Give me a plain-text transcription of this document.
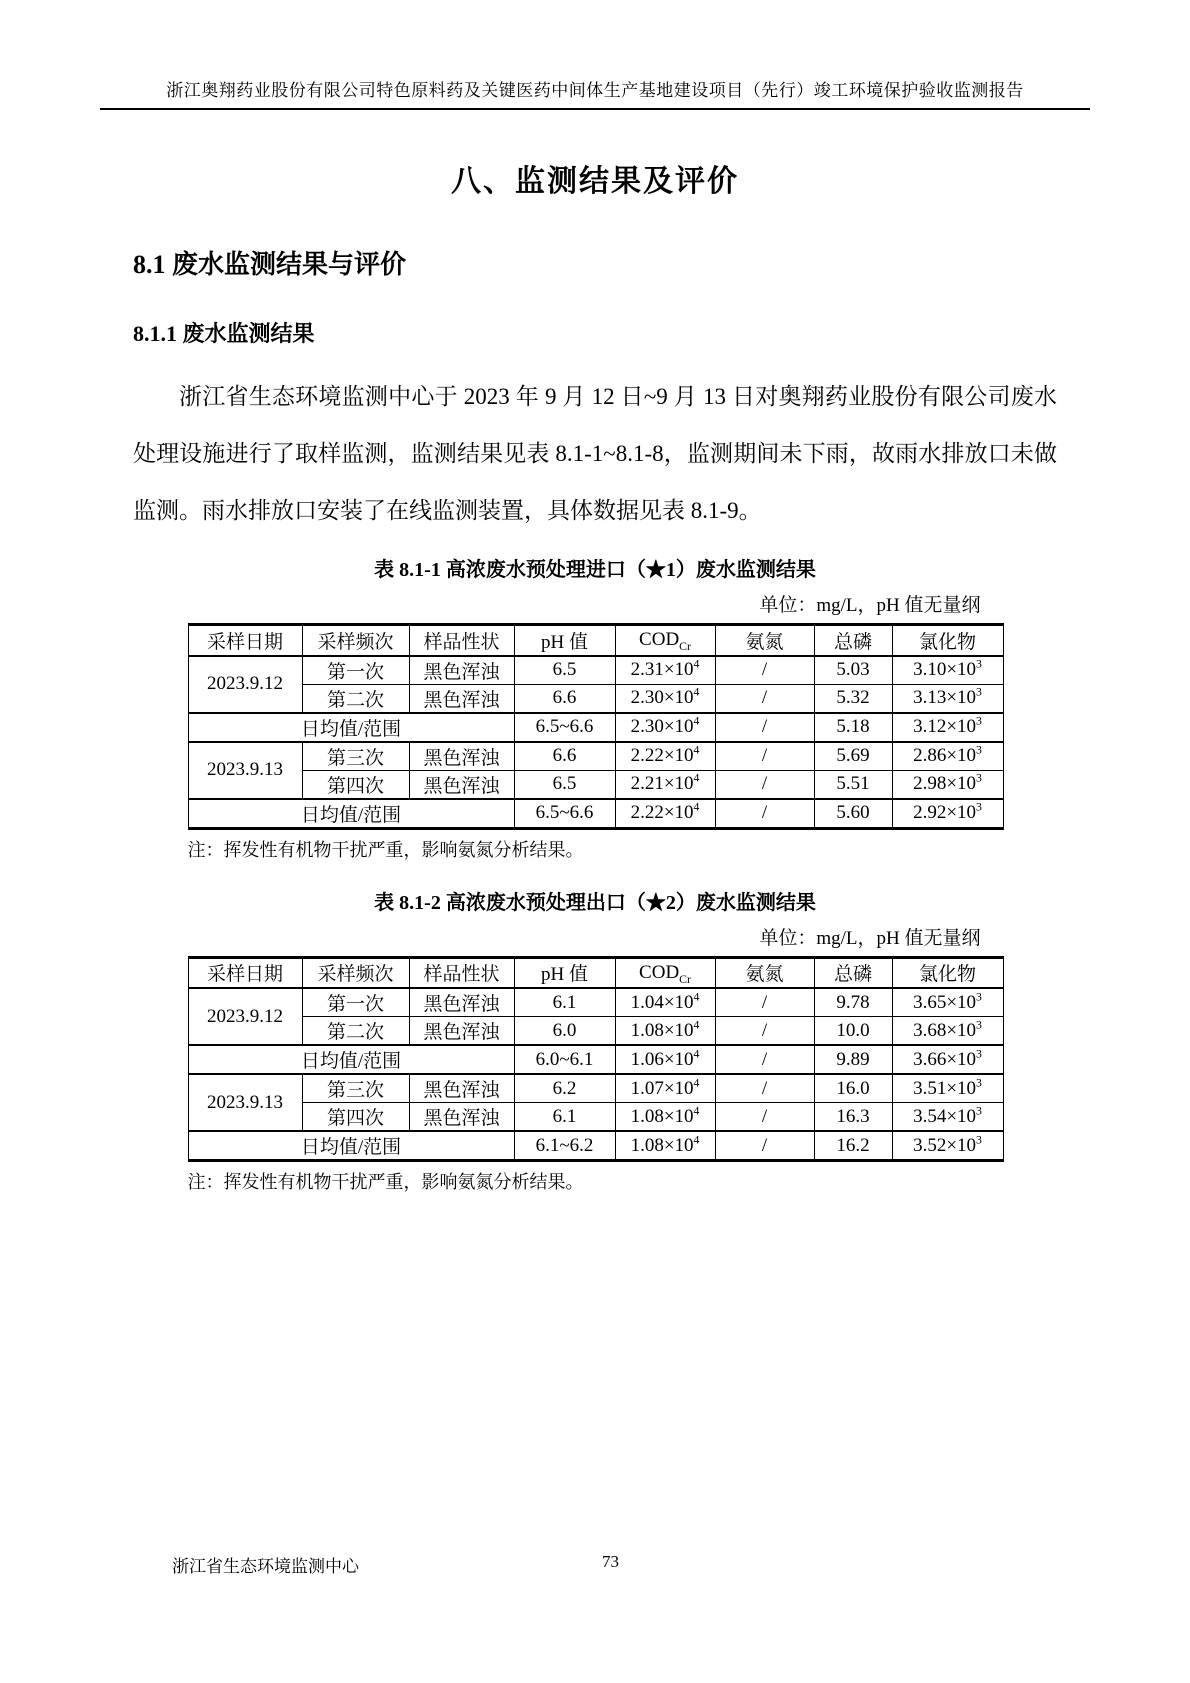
浙江奥翔药业股份有限公司特色原料药及关键医药中间体生产基地建设项目（先行）竣工环境保护验收监测报告
八、监测结果及评价
8.1 废水监测结果与评价
8.1.1 废水监测结果
浙江省生态环境监测中心于 2023 年 9 月 12 日~9 月 13 日对奥翔药业股份有限公司废水处理设施进行了取样监测，监测结果见表 8.1-1~8.1-8，监测期间未下雨，故雨水排放口未做监测。雨水排放口安装了在线监测装置，具体数据见表 8.1-9。
表 8.1-1 高浓废水预处理进口（★1）废水监测结果
单位：mg/L，pH 值无量纲
采样日期	采样频次	样品性状	pH 值	$COD_{Cr}$	氨氮	总磷	氯化物
2023.9.12	第一次	黑色浑浊	6.5	$2.31\times 10^4$	/	5.03	$3.10\times 10^3$
	第二次	黑色浑浊	6.6	$2.30\times 10^4$	/	5.32	$3.13\times 10^3$
日均值/范围			6.5~6.6	$2.30\times 10^4$	/	5.18	$3.12\times 10^3$
2023.9.13	第三次	黑色浑浊	6.6	$2.22\times 10^4$	/	5.69	$2.86\times 10^3$
	第四次	黑色浑浊	6.5	$2.21\times 10^4$	/	5.51	$2.98\times 10^3$
日均值/范围			6.5~6.6	$2.22\times 10^4$	/	5.60	$2.92\times 10^3$
注：挥发性有机物干扰严重，影响氨氮分析结果。
表 8.1-2 高浓废水预处理出口（★2）废水监测结果
单位：mg/L，pH 值无量纲
采样日期	采样频次	样品性状	pH 值	$COD_{Cr}$	氨氮	总磷	氯化物
2023.9.12	第一次	黑色浑浊	6.1	$1.04\times 10^4$	/	9.78	$3.65\times 10^3$
	第二次	黑色浑浊	6.0	$1.08\times 10^4$	/	10.0	$3.68\times 10^3$
日均值/范围			6.0~6.1	$1.06\times 10^4$	/	9.89	$3.66\times 10^3$
2023.9.13	第三次	黑色浑浊	6.2	$1.07\times 10^4$	/	16.0	$3.51\times 10^3$
	第四次	黑色浑浊	6.1	$1.08\times 10^4$	/	16.3	$3.54\times 10^3$
日均值/范围			6.1~6.2	$1.08\times 10^4$	/	16.2	$3.52\times 10^3$
注：挥发性有机物干扰严重，影响氨氮分析结果。
浙江省生态环境监测中心	73
